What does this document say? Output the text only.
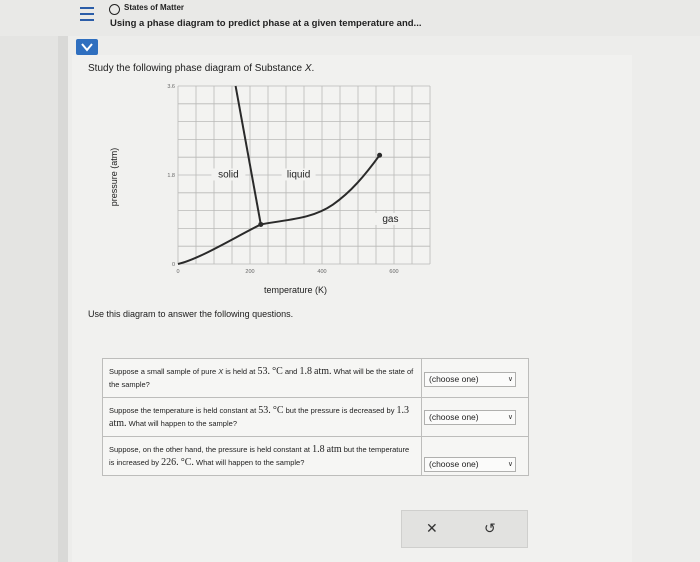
States of Matter
Using a phase diagram to predict phase at a given temperature and...
Study the following phase diagram of Substance X.
pressure (atm)
0	200	400	600
0
1.8
3.6
solid	liquid
gas
temperature (K)
Use this diagram to answer the following questions.
Suppose a small sample of pure X is held at 53. °C and 1.8 atm. What will be the state of the sample?
(choose one)	∨
Suppose the temperature is held constant at 53. °C but the pressure is decreased by 1.3 atm. What will happen to the sample?
(choose one)	∨
Suppose, on the other hand, the pressure is held constant at 1.8 atm but the temperature is increased by 226. °C. What will happen to the sample?	(choose one)	∨
✕	↺
